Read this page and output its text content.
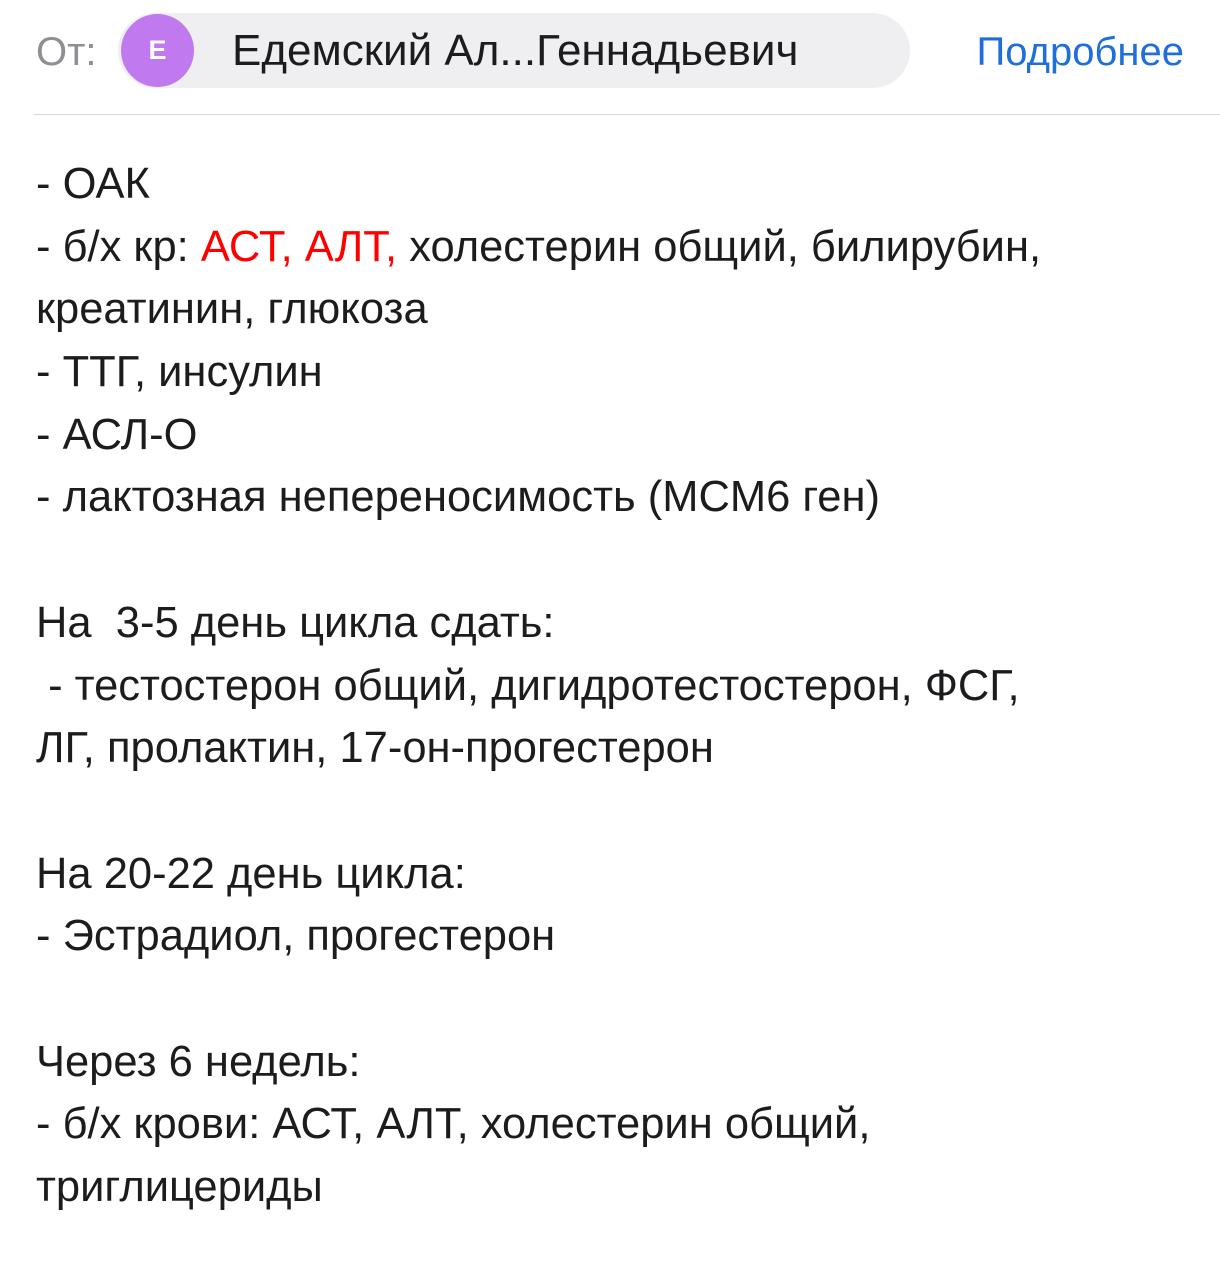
От:	Е	Едемский Ал...Геннадьевич	Подробнее
- ОАК
- б/х кр: АСТ, АЛТ, холестерин общий, билирубин,
креатинин, глюкоза
- ТТГ, инсулин
- АСЛ-О
- лактозная непереносимость (MCM6 ген)
На  3-5 день цикла сдать:
- тестостерон общий, дигидротестостерон, ФСГ,
ЛГ, пролактин, 17-он-прогестерон
На 20-22 день цикла:
- Эстрадиол, прогестерон
Через 6 недель:
- б/х крови: АСТ, АЛТ, холестерин общий,
триглицериды
